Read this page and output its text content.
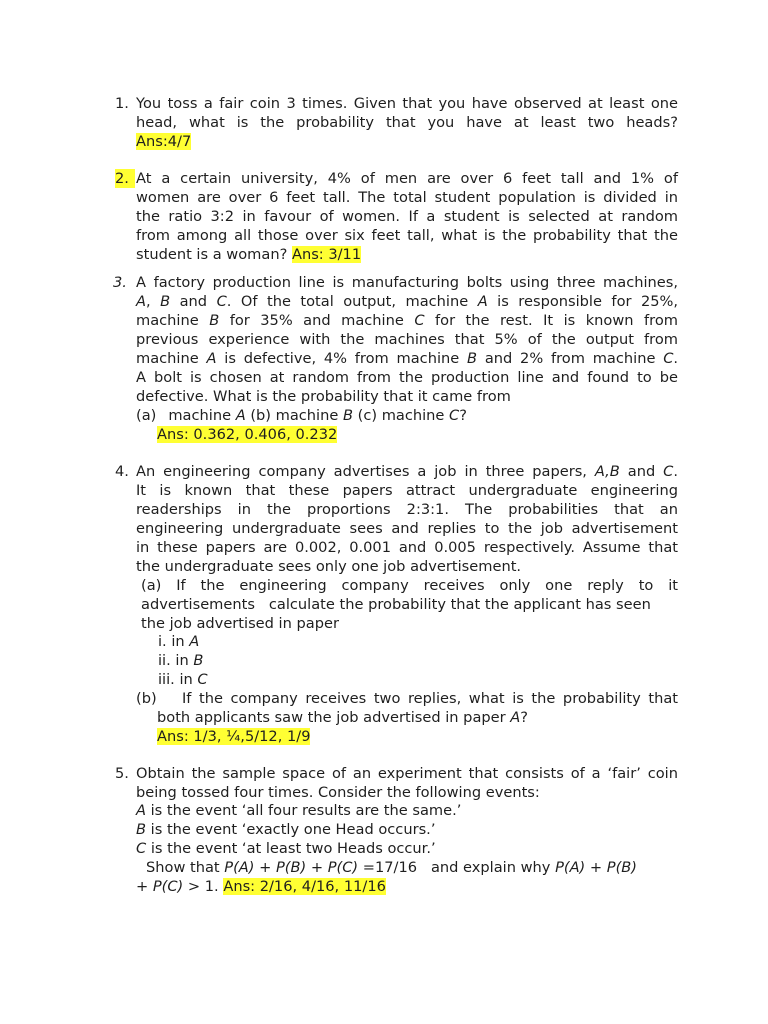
1. You toss a fair coin 3 times. Given that you have observed at least one
head, what is the probability that you have at least two heads?
Ans:4/7
2. At a certain university, 4% of men are over 6 feet tall and 1% of
women are over 6 feet tall. The total student population is divided in
the ratio 3:2 in favour of women. If a student is selected at random
from among all those over six feet tall, what is the probability that the
student is a woman? Ans: 3/11
3. A factory production line is manufacturing bolts using three machines,
A, B and C. Of the total output, machine A is responsible for 25%,
machine B for 35% and machine C for the rest. It is known from
previous experience with the machines that 5% of the output from
machine A is defective, 4% from machine B and 2% from machine C.
A bolt is chosen at random from the production line and found to be
defective. What is the probability that it came from
(a) machine A (b) machine B (c) machine C?
Ans: 0.362, 0.406, 0.232
4. An engineering company advertises a job in three papers, A,B and C.
It is known that these papers attract undergraduate engineering
readerships in the proportions 2:3:1. The probabilities that an
engineering undergraduate sees and replies to the job advertisement
in these papers are 0.002, 0.001 and 0.005 respectively. Assume that
the undergraduate sees only one job advertisement.
(a) If the engineering company receives only one reply to it
advertisements   calculate the probability that the applicant has seen
the job advertised in paper
i. in A
ii. in B
iii. in C
(b)	If the company receives two replies, what is the probability that
both applicants saw the job advertised in paper A?
Ans: 1/3, ¼,5/12, 1/9
5. Obtain the sample space of an experiment that consists of a ‘fair’ coin
being tossed four times. Consider the following events:
A is the event ‘all four results are the same.’
B is the event ‘exactly one Head occurs.’
C is the event ‘at least two Heads occur.’
Show that P(A) + P(B) + P(C) =17/16 and explain why P(A) + P(B)
+ P(C) > 1. Ans: 2/16, 4/16, 11/16
